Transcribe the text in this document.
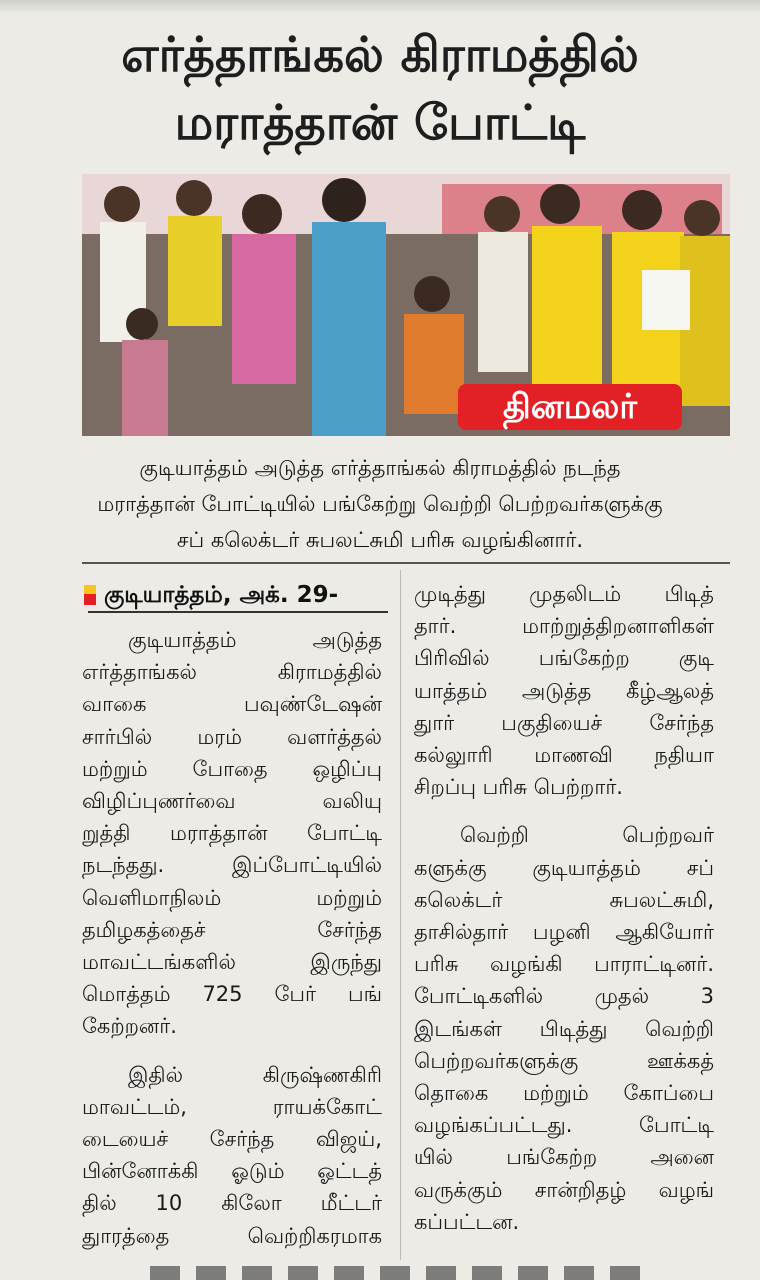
எர்த்தாங்கல் கிராமத்தில்
மராத்தான் போட்டி
தினமலர்
குடியாத்தம் அடுத்த எர்த்தாங்கல் கிராமத்தில் நடந்த
மராத்தான் போட்டியில் பங்கேற்று வெற்றி பெற்றவர்களுக்கு
சப் கலெக்டர் சுபலட்சுமி பரிசு வழங்கினார்.
குடியாத்தம், அக். 29-

குடியாத்தம் அடுத்த

எர்த்தாங்கல் கிராமத்தில்

வாகை பவுண்டேஷன்

சார்பில் மரம் வளர்த்தல்

மற்றும் போதை ஒழிப்பு

விழிப்புணர்வை வலியு

றுத்தி மராத்தான் போட்டி

நடந்தது. இப்போட்டியில்

வெளிமாநிலம் மற்றும்

தமிழகத்தைச் சேர்ந்த

மாவட்டங்களில் இருந்து

மொத்தம் 725 பேர் பங்

கேற்றனர்.

இதில் கிருஷ்ணகிரி

மாவட்டம், ராயக்கோட்

டையைச் சேர்ந்த விஜய்,

பின்னோக்கி ஓடும் ஓட்டத்

தில் 10 கிலோ மீட்டர்

துாரத்தை வெற்றிகரமாக

முடித்து முதலிடம் பிடித்

தார். மாற்றுத்திறனாளிகள்

பிரிவில் பங்கேற்ற குடி

யாத்தம் அடுத்த கீழ்ஆலத்

துார் பகுதியைச் சேர்ந்த

கல்லுாரி மாணவி நதியா

சிறப்பு பரிசு பெற்றார்.

வெற்றி பெற்றவர்

களுக்கு குடியாத்தம் சப்

கலெக்டர் சுபலட்சுமி,

தாசில்தார் பழனி ஆகியோர்

பரிசு வழங்கி பாராட்டினர்.

போட்டிகளில் முதல் 3

இடங்கள் பிடித்து வெற்றி

பெற்றவர்களுக்கு ஊக்கத்

தொகை மற்றும் கோப்பை

வழங்கப்பட்டது. போட்டி

யில் பங்கேற்ற அனை

வருக்கும் சான்றிதழ் வழங்

கப்பட்டன.
